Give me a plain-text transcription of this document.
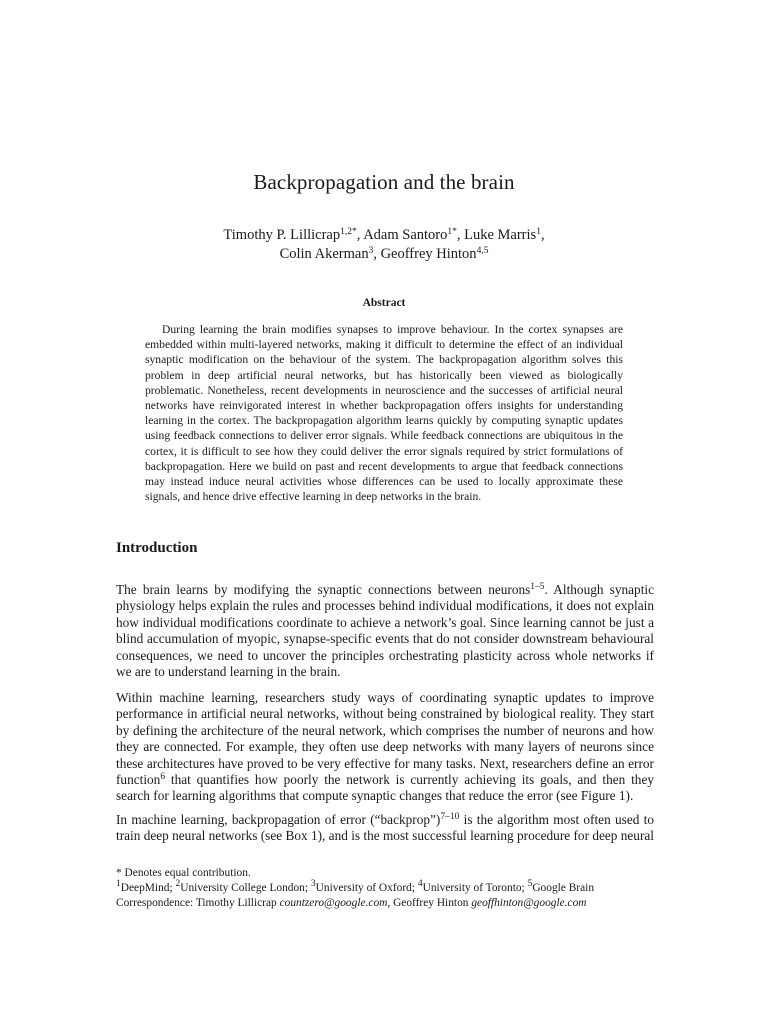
Backpropagation and the brain
Timothy P. Lillicrap$^{1,2*}$, Adam Santoro$^{1*}$, Luke Marris$^1$,
Colin Akerman$^3$, Geoffrey Hinton$^{4,5}$
Abstract

During learning the brain modifies synapses to improve behaviour. In the cortex synapses are embedded within multi-layered networks, making it difficult to determine the effect of an individual synaptic modification on the behaviour of the system. The backpropagation algorithm solves this problem in deep artificial neural networks, but has historically been viewed as biologically problematic. Nonetheless, recent developments in neuroscience and the successes of artificial neural networks have reinvigorated interest in whether backpropagation offers insights for understanding learning in the cortex. The backpropagation algorithm learns quickly by computing synaptic updates using feedback connections to deliver error signals. While feedback connections are ubiquitous in the cortex, it is difficult to see how they could deliver the error signals required by strict formulations of backpropagation. Here we build on past and recent developments to argue that feedback connections may instead induce neural activities whose differences can be used to locally approximate these signals, and hence drive effective learning in deep networks in the brain.

Introduction

The brain learns by modifying the synaptic connections between neurons$^{1-5}$. Although synaptic physiology helps explain the rules and processes behind individual modifications, it does not explain how individual modifications coordinate to achieve a network’s goal. Since learning cannot be just a blind accumulation of myopic, synapse-specific events that do not consider downstream behavioural consequences, we need to uncover the principles orchestrating plasticity across whole networks if we are to understand learning in the brain.

Within machine learning, researchers study ways of coordinating synaptic updates to improve performance in artificial neural networks, without being constrained by biological reality. They start by defining the architecture of the neural network, which comprises the number of neurons and how they are connected. For example, they often use deep networks with many layers of neurons since these architectures have proved to be very effective for many tasks. Next, researchers define an error function$^6$ that quantifies how poorly the network is currently achieving its goals, and then they search for learning algorithms that compute synaptic changes that reduce the error (see Figure 1).

In machine learning, backpropagation of error (“backprop”)$^{7-10}$ is the algorithm most often used to train deep neural networks (see Box 1), and is the most successful learning procedure for deep neural

* Denotes equal contribution.
$^1$DeepMind; $^2$University College London; $^3$University of Oxford; $^4$University of Toronto; $^5$Google Brain
Correspondence: Timothy Lillicrap countzero@google.com, Geoffrey Hinton geoffhinton@google.com
